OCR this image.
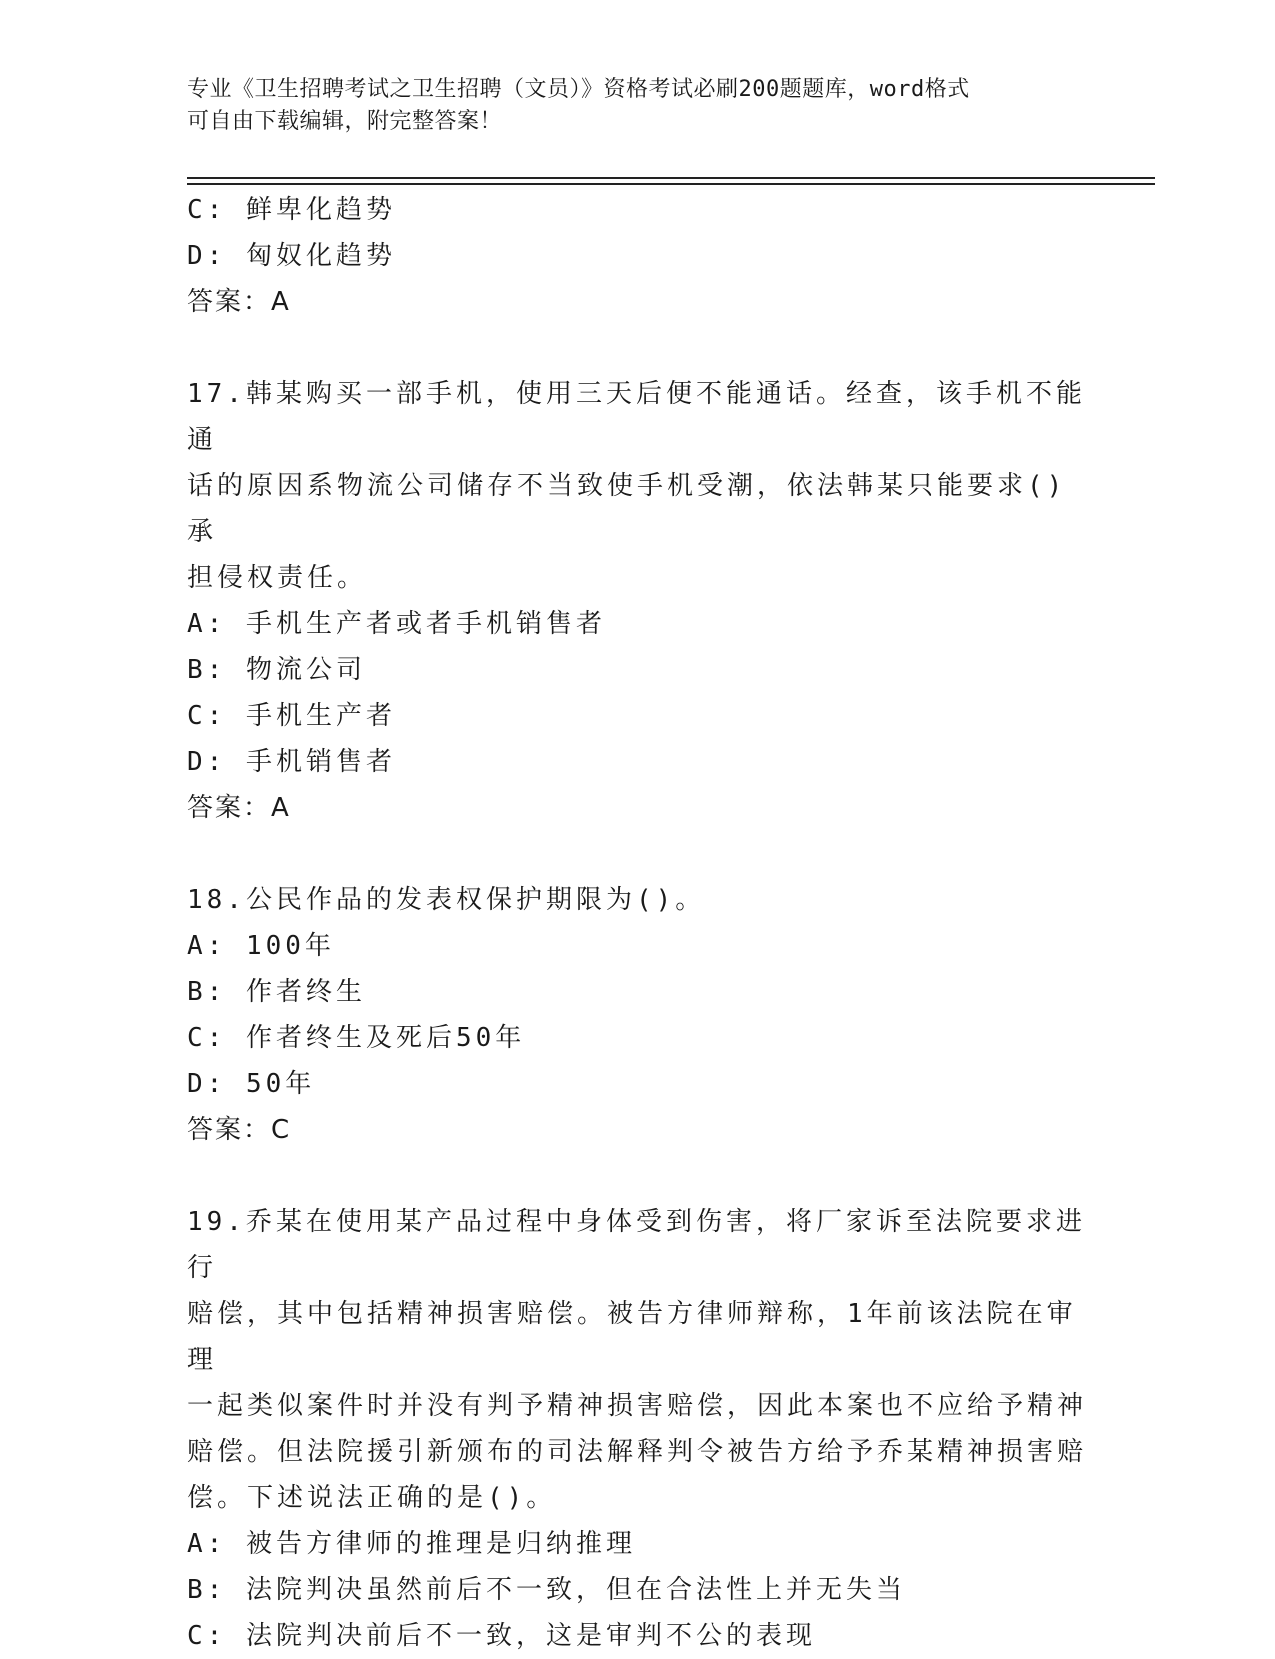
专业《卫生招聘考试之卫生招聘（文员）》资格考试必刷200题题库，word格式
可自由下载编辑，附完整答案！
C: 鲜卑化趋势
D: 匈奴化趋势
答案：A
17.韩某购买一部手机，使用三天后便不能通话。经查，该手机不能通
话的原因系物流公司储存不当致使手机受潮，依法韩某只能要求()承
担侵权责任。
A: 手机生产者或者手机销售者
B: 物流公司
C: 手机生产者
D: 手机销售者
答案：A
18.公民作品的发表权保护期限为()。
A: 100年
B: 作者终生
C: 作者终生及死后50年
D: 50年
答案：C
19.乔某在使用某产品过程中身体受到伤害，将厂家诉至法院要求进行
赔偿，其中包括精神损害赔偿。被告方律师辩称，1年前该法院在审理
一起类似案件时并没有判予精神损害赔偿，因此本案也不应给予精神
赔偿。但法院援引新颁布的司法解释判令被告方给予乔某精神损害赔
偿。下述说法正确的是()。
A: 被告方律师的推理是归纳推理
B: 法院判决虽然前后不一致，但在合法性上并无失当
C: 法院判决前后不一致，这是审判不公的表现
